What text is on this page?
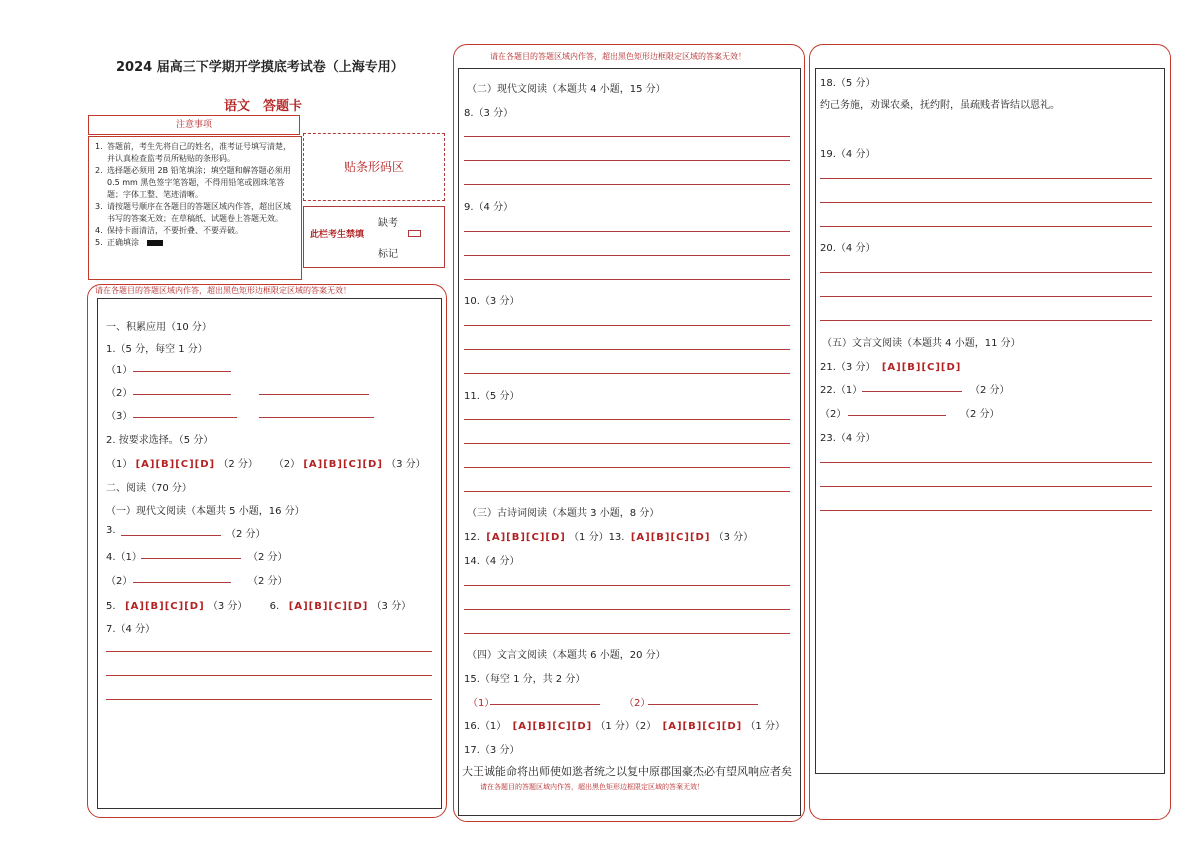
2024 届高三下学期开学摸底考试卷（上海专用）
语文　答题卡
注意事项
1. 答题前，考生先将自己的姓名，准考证号填写清楚，并认真检查监考员所粘贴的条形码。
2. 选择题必须用 2B 铅笔填涂；填空题和解答题必须用 0.5 mm 黑色签字笔答题，不得用铅笔或圆珠笔答题；字体工整、笔迹清晰。
3. 请按题号顺序在各题目的答题区域内作答，超出区域书写的答案无效；在草稿纸、试题卷上答题无效。
4. 保持卡面清洁，不要折叠、不要弄破。
5. 正确填涂
贴条形码区
此栏考生禁填
缺考
标记
请在各题目的答题区域内作答，超出黑色矩形边框限定区域的答案无效！
一、积累应用（10 分）
1.（5 分，每空 1 分）
（1）
（2）
（3）
2. 按要求选择。（5 分）
（1） [A][B][C][D] （2 分） （2） [A][B][C][D] （3 分）
二、阅读（70 分）
（一）现代文阅读（本题共 5 小题，16 分）
3.	（2 分）
4.（1）	（2 分）
（2）	（2 分）
5. [A][B][C][D] （3 分） 6. [A][B][C][D] （3 分）
7.（4 分）
请在各题目的答题区域内作答，超出黑色矩形边框限定区域的答案无效！
（二）现代文阅读（本题共 4 小题，15 分）
8.（3 分）
9.（4 分）
10.（3 分）
11.（5 分）
（三）古诗词阅读（本题共 3 小题，8 分）
12. [A][B][C][D] （1 分）13. [A][B][C][D] （3 分）
14.（4 分）
（四）文言文阅读（本题共 6 小题，20 分）
15.（每空 1 分，共 2 分）
（1）	（2）
16.（1） [A][B][C][D] （1 分）（2） [A][B][C][D] （1 分）
17.（3 分）
大王诚能命将出师使如逖者统之以复中原郡国豪杰必有望风响应者矣
请在各题目的答题区域内作答，超出黑色矩形边框限定区域的答案无效！
18.（5 分）
约己务施，劝课农桑，抚约附，虽疏贱者皆结以恩礼。
19.（4 分）
20.（4 分）
（五）文言文阅读（本题共 4 小题，11 分）
21.（3 分） [A][B][C][D]
22.（1）	（2 分）
（2）	（2 分）
23.（4 分）
